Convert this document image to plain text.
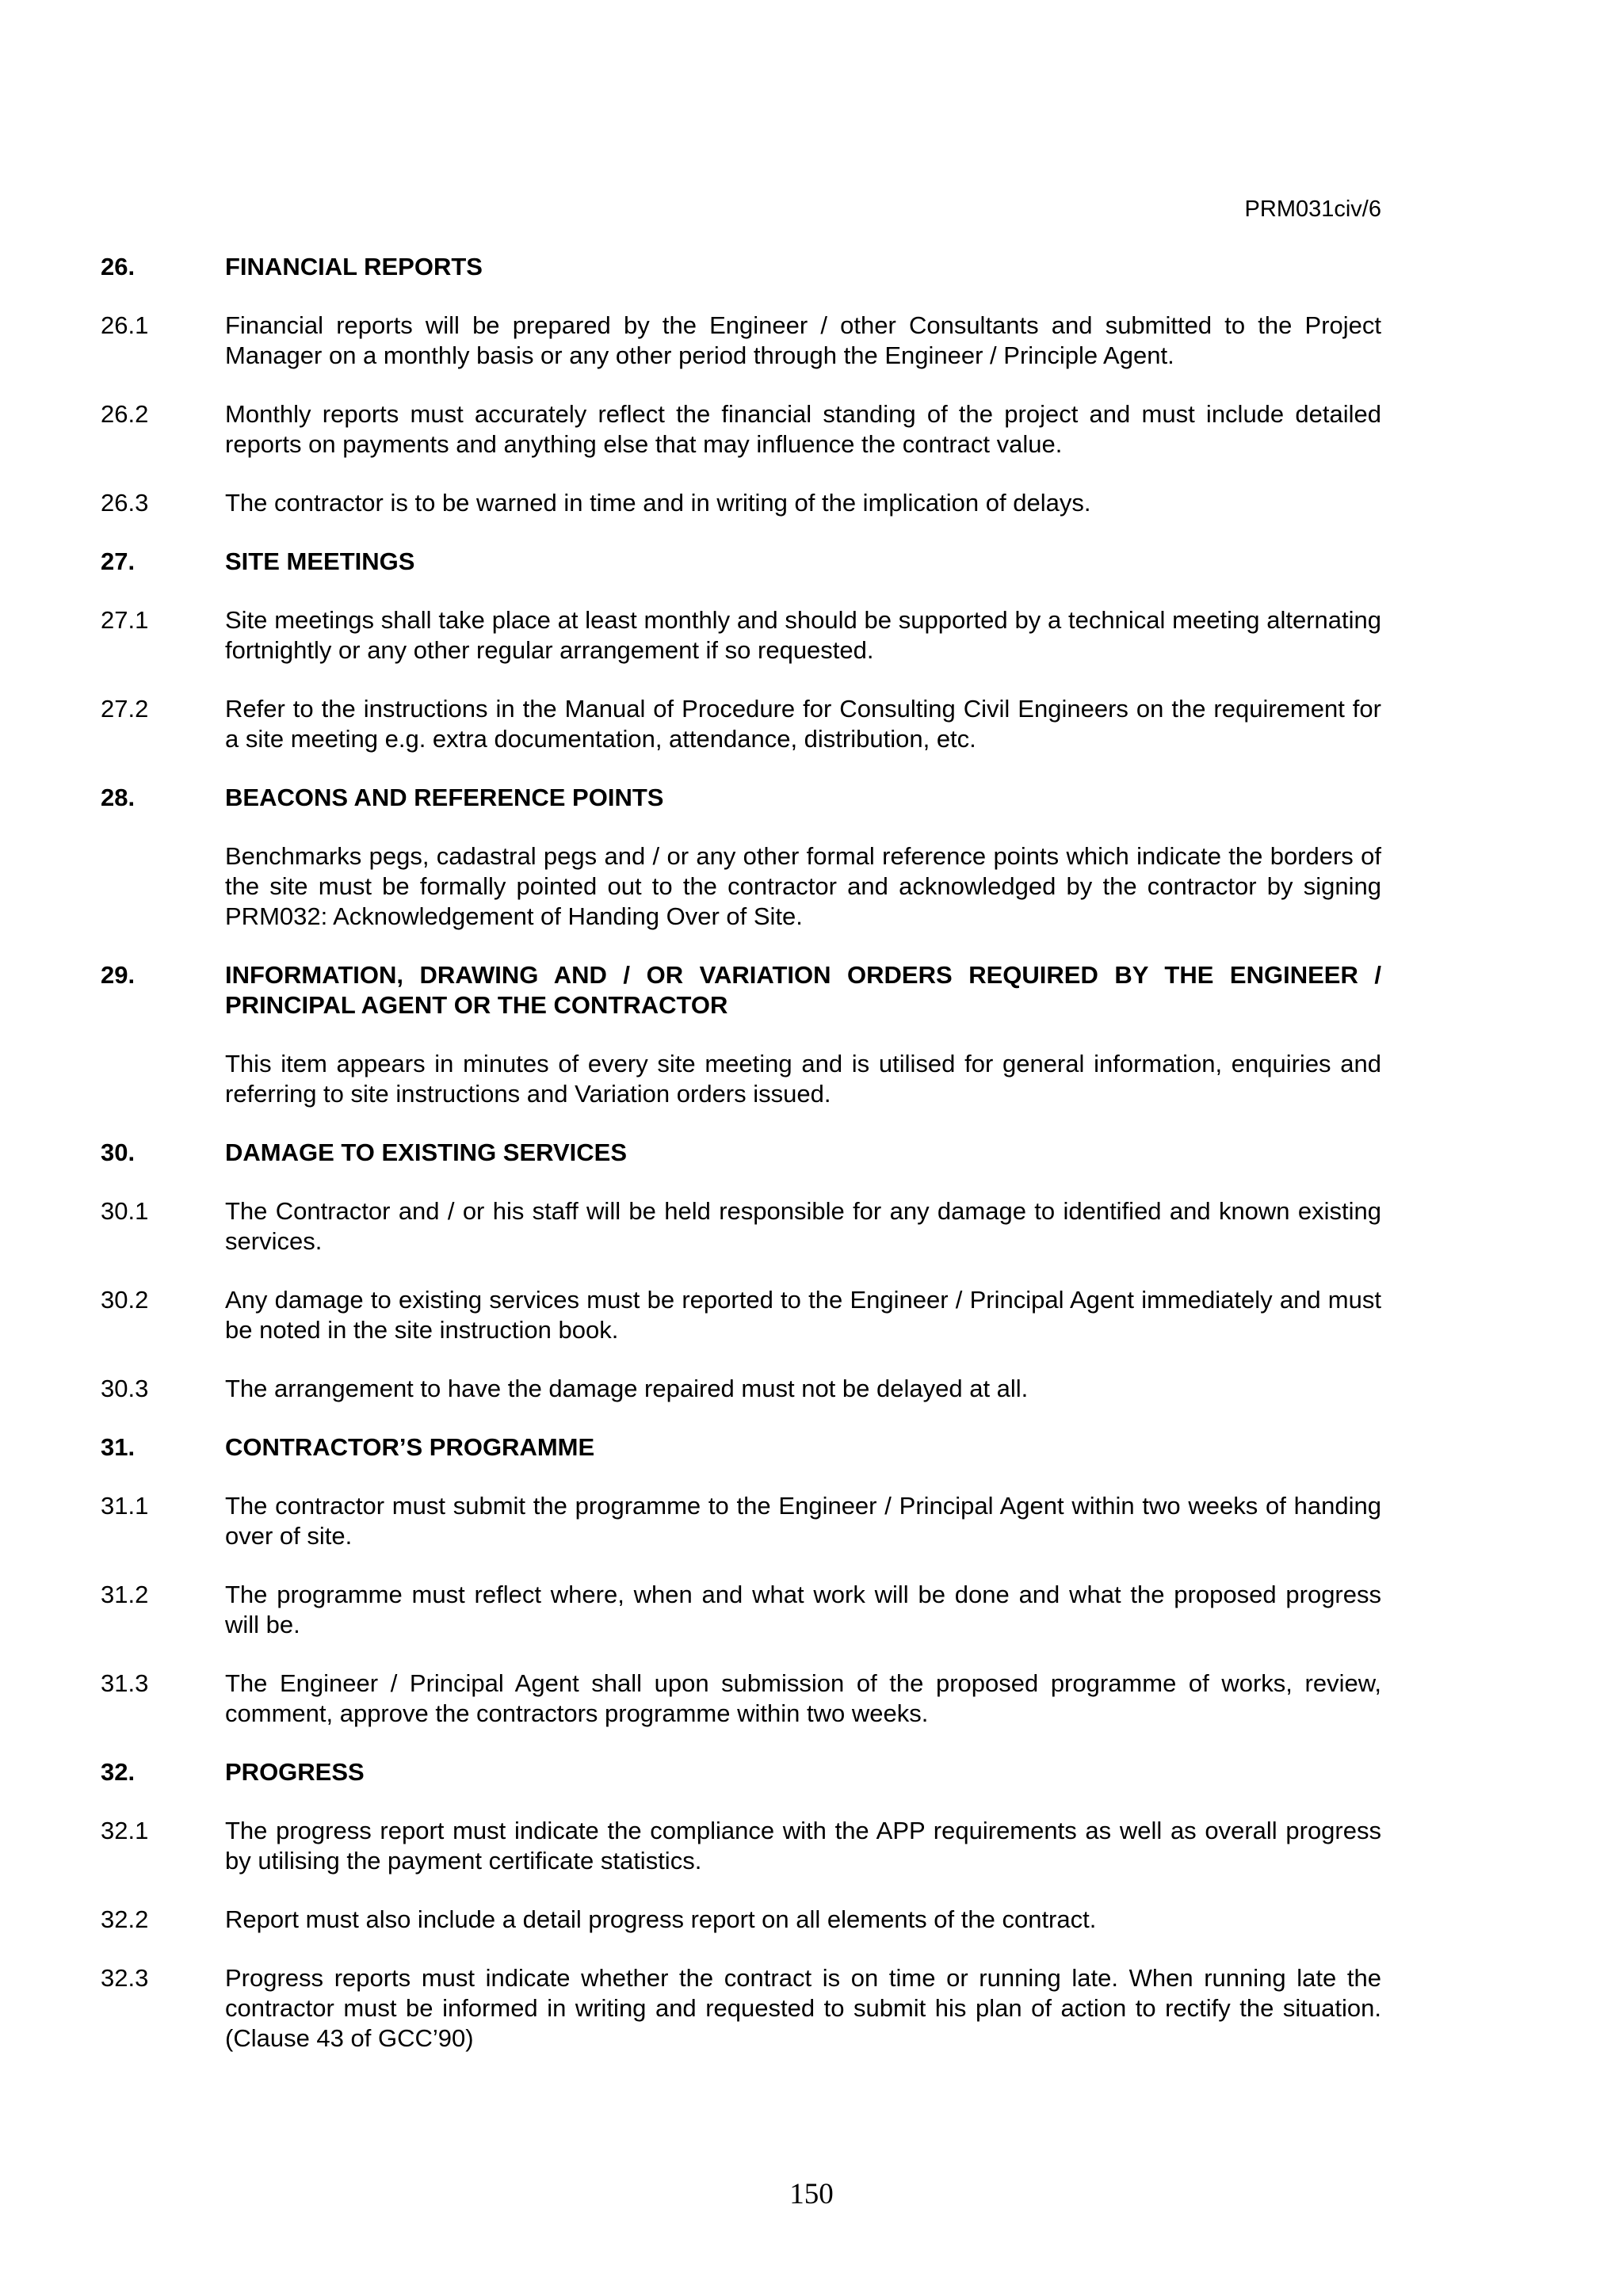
PRM031civ/6

26.	FINANCIAL REPORTS
26.1	Financial reports will be prepared by the Engineer / other Consultants and submitted to the Project Manager on a monthly basis or any other period through the Engineer / Principle Agent.
26.2	Monthly reports must accurately reflect the financial standing of the project and must include detailed reports on payments and anything else that may influence the contract value.
26.3	The contractor is to be warned in time and in writing of the implication of delays.
27.	SITE MEETINGS
27.1	Site meetings shall take place at least monthly and should be supported by a technical meeting alternating fortnightly or any other regular arrangement if so requested.
27.2	Refer to the instructions in the Manual of Procedure for Consulting Civil Engineers on the requirement for a site meeting e.g. extra documentation, attendance, distribution, etc.
28.	BEACONS AND REFERENCE POINTS
Benchmarks pegs, cadastral pegs and / or any other formal reference points which indicate the borders of the site must be formally pointed out to the contractor and acknowledged by the contractor by signing PRM032: Acknowledgement of Handing Over of Site.
29.	INFORMATION, DRAWING AND / OR VARIATION ORDERS REQUIRED BY THE ENGINEER / PRINCIPAL AGENT OR THE CONTRACTOR
This item appears in minutes of every site meeting and is utilised for general information, enquiries and referring to site instructions and Variation orders issued.
30.	DAMAGE TO EXISTING SERVICES
30.1	The Contractor and / or his staff will be held responsible for any damage to identified and known existing services.
30.2	Any damage to existing services must be reported to the Engineer / Principal Agent immediately and must be noted in the site instruction book.
30.3	The arrangement to have the damage repaired must not be delayed at all.
31.	CONTRACTOR’S PROGRAMME
31.1	The contractor must submit the programme to the Engineer / Principal Agent within two weeks of handing over of site.
31.2	The programme must reflect where, when and what work will be done and what the proposed progress will be.
31.3	The Engineer / Principal Agent shall upon submission of the proposed programme of works, review, comment, approve the contractors programme within two weeks.
32.	PROGRESS
32.1	The progress report must indicate the compliance with the APP requirements as well as overall progress by utilising the payment certificate statistics.
32.2	Report must also include a detail progress report on all elements of the contract.
32.3	Progress reports must indicate whether the contract is on time or running late. When running late the contractor must be informed in writing and requested to submit his plan of action to rectify the situation. (Clause 43 of GCC’90)

150
